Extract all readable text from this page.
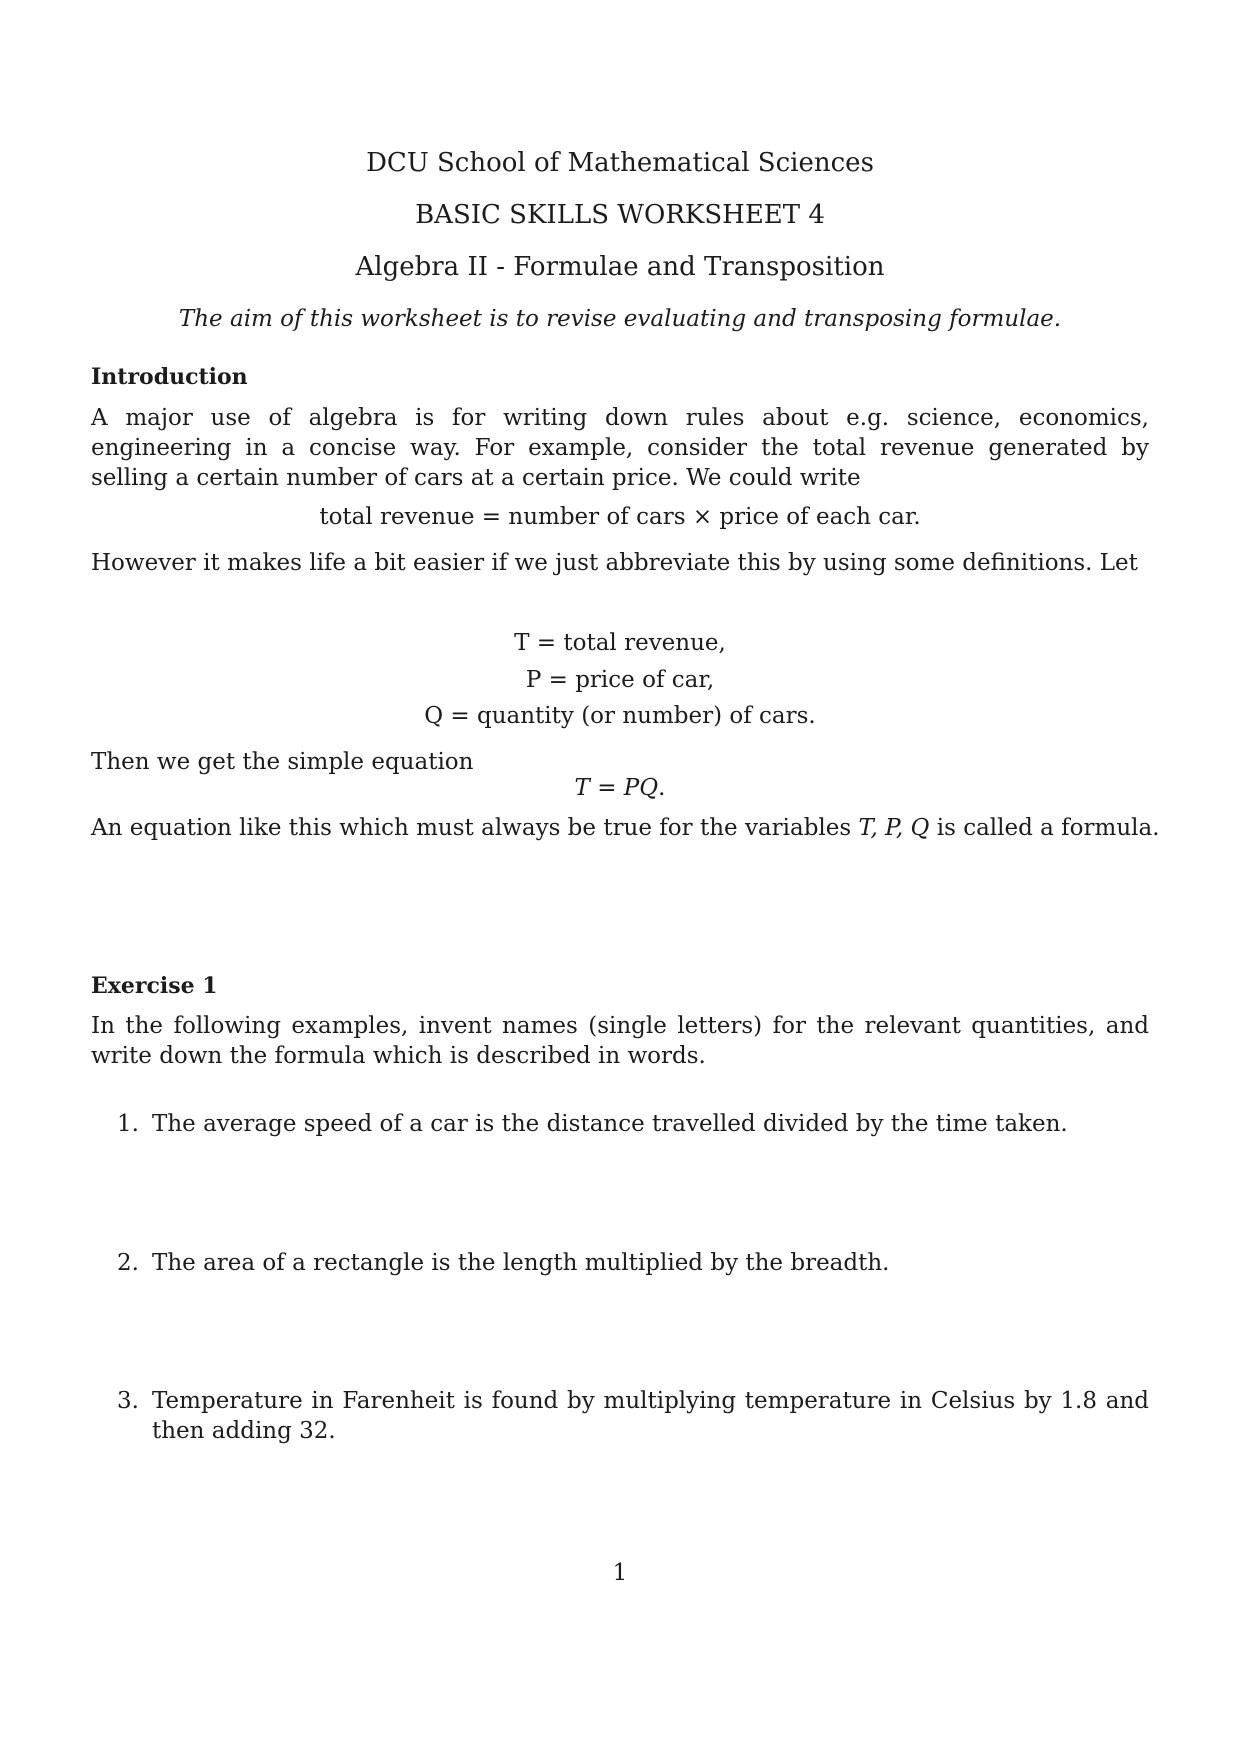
DCU School of Mathematical Sciences

BASIC SKILLS WORKSHEET 4

Algebra II - Formulae and Transposition

The aim of this worksheet is to revise evaluating and transposing formulae.

Introduction

A major use of algebra is for writing down rules about e.g. science, economics, engineering in a concise way. For example, consider the total revenue generated by selling a certain number of cars at a certain price. We could write

total revenue = number of cars × price of each car.

However it makes life a bit easier if we just abbreviate this by using some definitions. Let

T = total revenue,

P = price of car,

Q = quantity (or number) of cars.

Then we get the simple equation

T = PQ.

An equation like this which must always be true for the variables T, P, Q is called a formula.

Exercise 1

In the following examples, invent names (single letters) for the relevant quantities, and write down the formula which is described in words.

1. The average speed of a car is the distance travelled divided by the time taken.

2. The area of a rectangle is the length multiplied by the breadth.

3. Temperature in Farenheit is found by multiplying temperature in Celsius by 1.8 and then adding 32.

1
